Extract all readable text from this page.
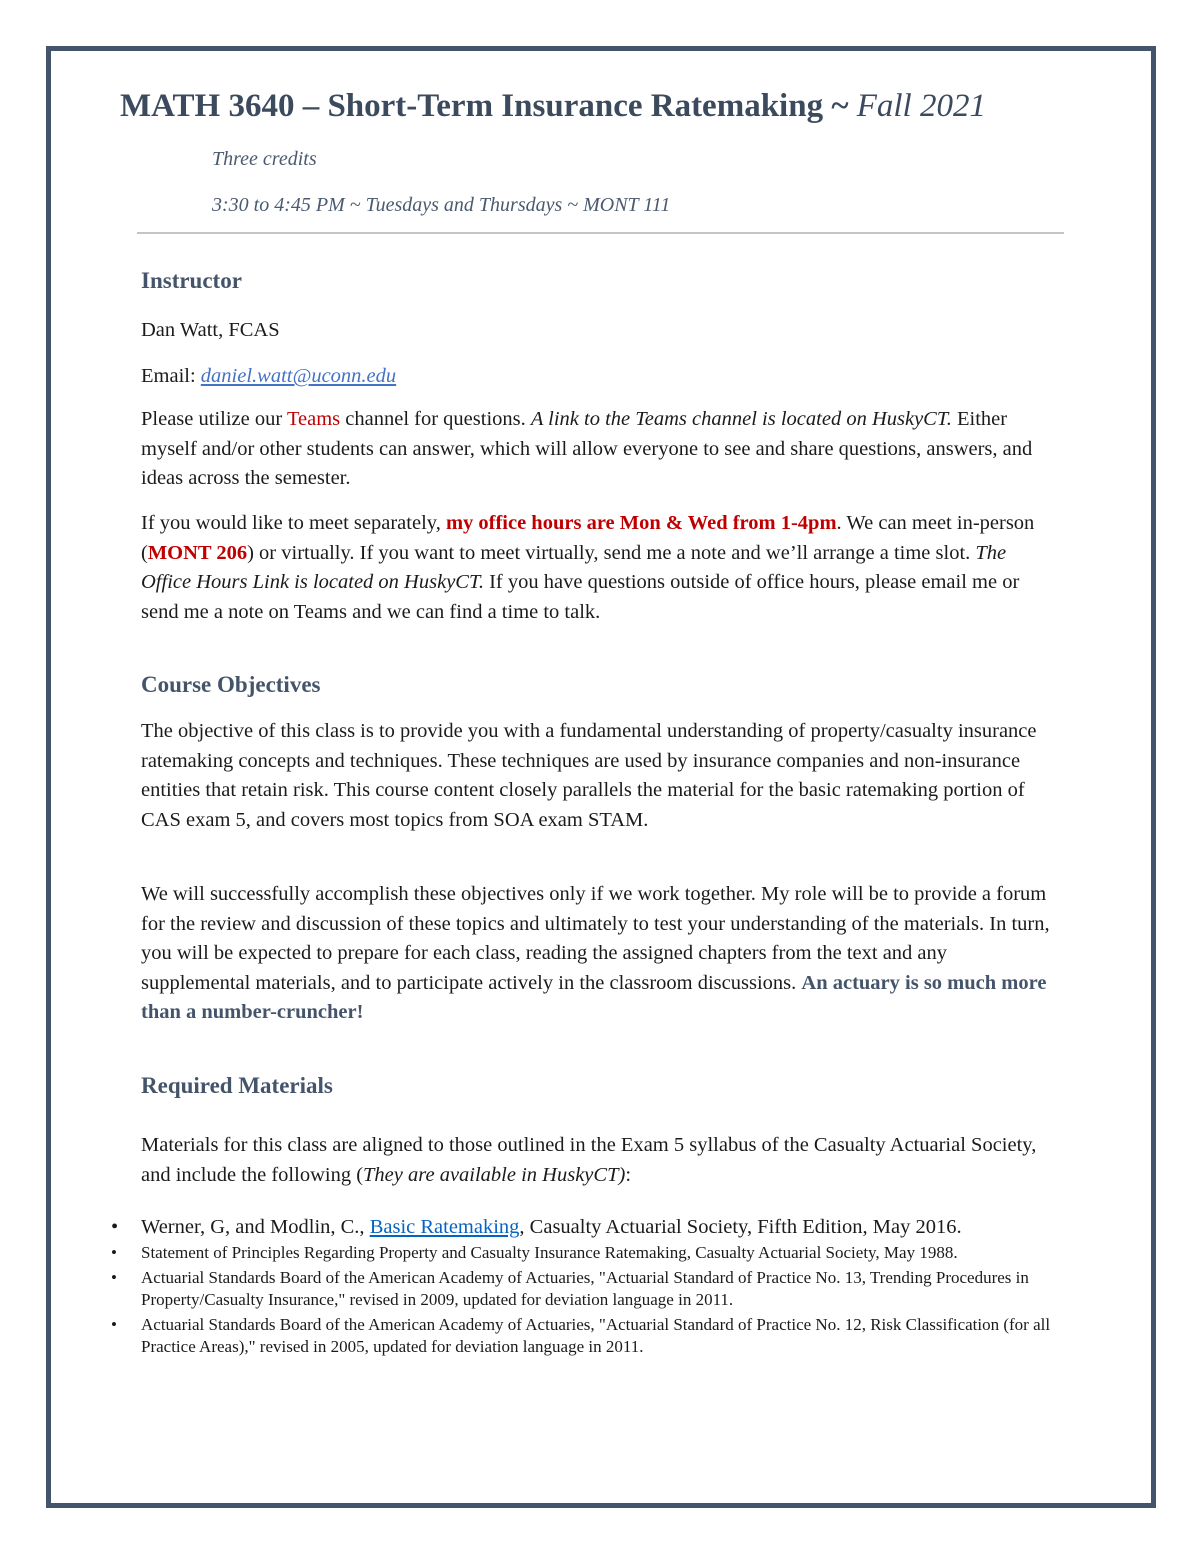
MATH 3640 – Short-Term Insurance Ratemaking ~ Fall 2021

Three credits

3:30 to 4:45 PM ~ Tuesdays and Thursdays ~ MONT 111

Instructor

Dan Watt, FCAS

Email: daniel.watt@uconn.edu

Please utilize our Teams channel for questions. A link to the Teams channel is located on HuskyCT. Either myself and/or other students can answer, which will allow everyone to see and share questions, answers, and ideas across the semester.

If you would like to meet separately, my office hours are Mon & Wed from 1-4pm. We can meet in-person (MONT 206) or virtually. If you want to meet virtually, send me a note and we’ll arrange a time slot. The Office Hours Link is located on HuskyCT. If you have questions outside of office hours, please email me or send me a note on Teams and we can find a time to talk.

Course Objectives

The objective of this class is to provide you with a fundamental understanding of property/casualty insurance ratemaking concepts and techniques. These techniques are used by insurance companies and non-insurance entities that retain risk. This course content closely parallels the material for the basic ratemaking portion of CAS exam 5, and covers most topics from SOA exam STAM.

We will successfully accomplish these objectives only if we work together. My role will be to provide a forum for the review and discussion of these topics and ultimately to test your understanding of the materials. In turn, you will be expected to prepare for each class, reading the assigned chapters from the text and any supplemental materials, and to participate actively in the classroom discussions. An actuary is so much more than a number-cruncher!

Required Materials

Materials for this class are aligned to those outlined in the Exam 5 syllabus of the Casualty Actuarial Society, and include the following (They are available in HuskyCT):

• Werner, G, and Modlin, C., Basic Ratemaking, Casualty Actuarial Society, Fifth Edition, May 2016.
• Statement of Principles Regarding Property and Casualty Insurance Ratemaking, Casualty Actuarial Society, May 1988.
• Actuarial Standards Board of the American Academy of Actuaries, "Actuarial Standard of Practice No. 13, Trending Procedures in Property/Casualty Insurance," revised in 2009, updated for deviation language in 2011.
• Actuarial Standards Board of the American Academy of Actuaries, "Actuarial Standard of Practice No. 12, Risk Classification (for all Practice Areas)," revised in 2005, updated for deviation language in 2011.
